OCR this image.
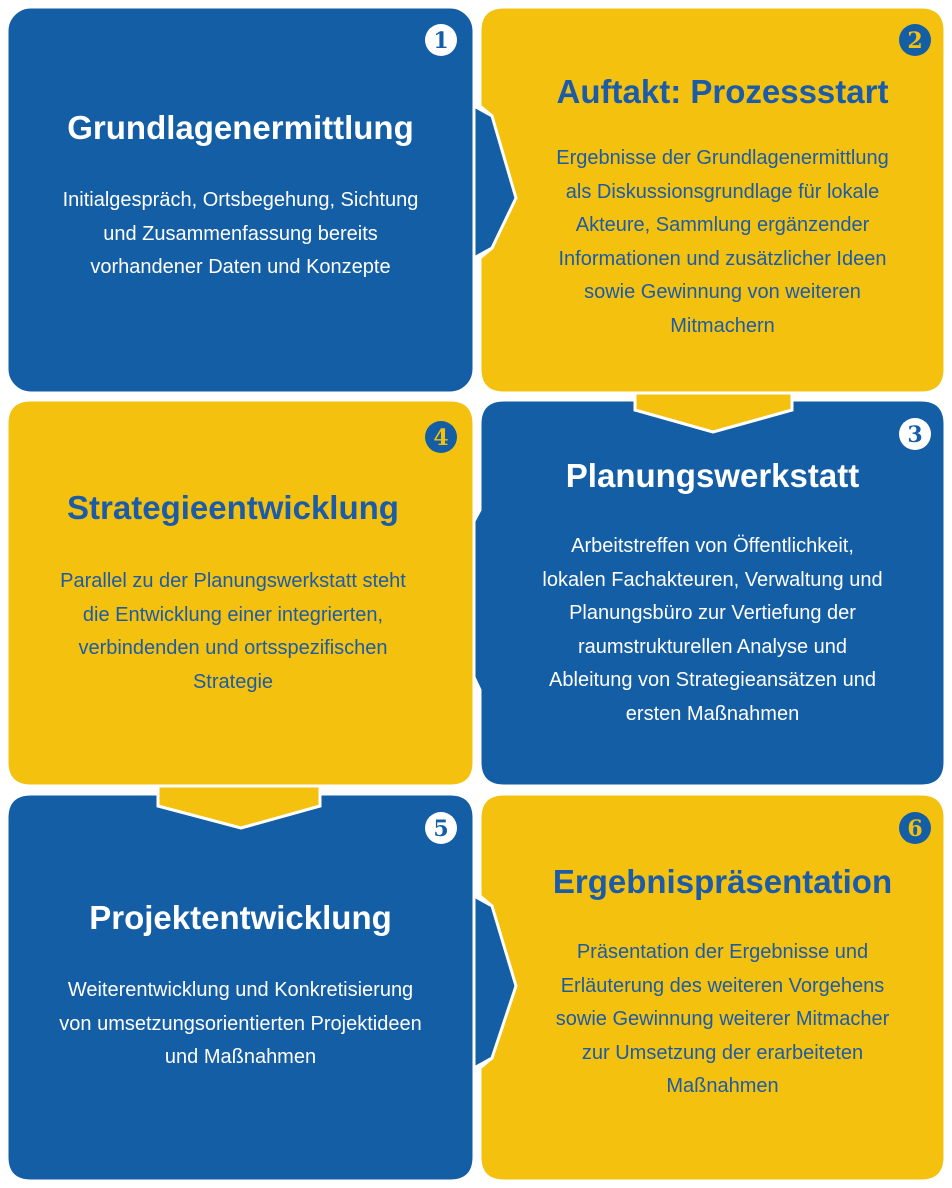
1	2
3
4
5	6
Grundlagenermittlung

Initialgespräch, Ortsbegehung, Sichtung

und Zusammenfassung bereits

vorhandener Daten und Konzepte

Auftakt: Prozessstart

Ergebnisse der Grundlagenermittlung

als Diskussionsgrundlage für lokale

Akteure, Sammlung ergänzender

Informationen und zusätzlicher Ideen

sowie Gewinnung von weiteren

Mitmachern

Planungswerkstatt

Arbeitstreffen von Öffentlichkeit,

lokalen Fachakteuren, Verwaltung und

Planungsbüro zur Vertiefung der

raumstrukturellen Analyse und

Ableitung von Strategieansätzen und

ersten Maßnahmen

Strategieentwicklung

Parallel zu der Planungswerkstatt steht

die Entwicklung einer integrierten,

verbindenden und ortsspezifischen

Strategie

Projektentwicklung

Weiterentwicklung und Konkretisierung

von umsetzungsorientierten Projektideen

und Maßnahmen

Ergebnispräsentation

Präsentation der Ergebnisse und

Erläuterung des weiteren Vorgehens

sowie Gewinnung weiterer Mitmacher

zur Umsetzung der erarbeiteten

Maßnahmen
